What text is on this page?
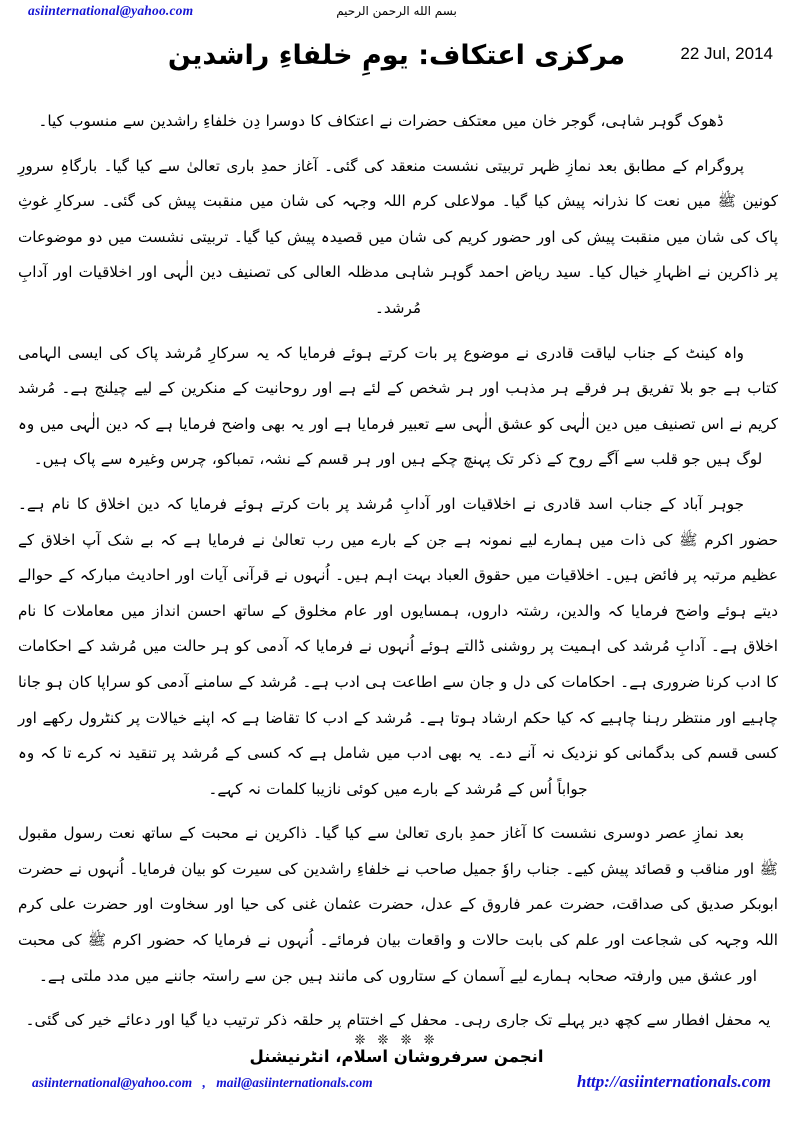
asiinternational@yahoo.com	بسم الله الرحمن الرحیم
مرکزی اعتکاف: یومِ خلفاءِ راشدین	22 Jul, 2014

ڈھوک گوہر شاہی، گوجر خان میں معتکف حضرات نے اعتکاف کا دوسرا دِن خلفاءِ راشدین سے منسوب کیا۔

پروگرام کے مطابق بعد نمازِ ظہر تربیتی نشست منعقد کی گئی۔ آغاز حمدِ باری تعالیٰ سے کیا گیا۔ بارگاہِ سرورِ کونین ﷺ میں نعت کا نذرانہ پیش کیا گیا۔ مولاعلی کرم اللہ وجہہ کی شان میں منقبت پیش کی گئی۔ سرکارِ غوثِ پاک کی شان میں منقبت پیش کی اور حضور کریم کی شان میں قصیدہ پیش کیا گیا۔ تربیتی نشست میں دو موضوعات پر ذاکرین نے اظہارِ خیال کیا۔ سید ریاض احمد گوہر شاہی مدظلہ العالی کی تصنیف دین الٰہی اور اخلاقیات اور آدابِ مُرشد۔

واہ کینٹ کے جناب لیاقت قادری نے موضوع پر بات کرتے ہوئے فرمایا کہ یہ سرکارِ مُرشد پاک کی ایسی الہامی کتاب ہے جو بلا تفریق ہر فرقے ہر مذہب اور ہر شخص کے لئے ہے اور روحانیت کے منکرین کے لیے چیلنج ہے۔ مُرشد کریم نے اس تصنیف میں دین الٰہی کو عشق الٰہی سے تعبیر فرمایا ہے اور یہ بھی واضح فرمایا ہے کہ دین الٰہی میں وہ لوگ ہیں جو قلب سے آگے روح کے ذکر تک پہنچ چکے ہیں اور ہر قسم کے نشہ، تمباکو، چرس وغیرہ سے پاک ہیں۔

جوہر آباد کے جناب اسد قادری نے اخلاقیات اور آدابِ مُرشد پر بات کرتے ہوئے فرمایا کہ دین اخلاق کا نام ہے۔ حضور اکرم ﷺ کی ذات میں ہمارے لیے نمونہ ہے جن کے بارے میں رب تعالیٰ نے فرمایا ہے کہ بے شک آپ اخلاق کے عظیم مرتبہ پر فائض ہیں۔ اخلاقیات میں حقوق العباد بہت اہم ہیں۔ اُنہوں نے قرآنی آیات اور احادیث مبارکہ کے حوالے دیتے ہوئے واضح فرمایا کہ والدین، رشتہ داروں، ہمسایوں اور عام مخلوق کے ساتھ احسن انداز میں معاملات کا نام اخلاق ہے۔ آدابِ مُرشد کی اہمیت پر روشنی ڈالتے ہوئے اُنہوں نے فرمایا کہ آدمی کو ہر حالت میں مُرشد کے احکامات کا ادب کرنا ضروری ہے۔ احکامات کی دل و جان سے اطاعت ہی ادب ہے۔ مُرشد کے سامنے آدمی کو سراپا کان ہو جانا چاہیے اور منتظر رہنا چاہیے کہ کیا حکم ارشاد ہوتا ہے۔ مُرشد کے ادب کا تقاضا ہے کہ اپنے خیالات پر کنٹرول رکھے اور کسی قسم کی بدگمانی کو نزدیک نہ آنے دے۔ یہ بھی ادب میں شامل ہے کہ کسی کے مُرشد پر تنقید نہ کرے تا کہ وہ جواباً اُس کے مُرشد کے بارے میں کوئی نازیبا کلمات نہ کہے۔

بعد نمازِ عصر دوسری نشست کا آغاز حمدِ باری تعالیٰ سے کیا گیا۔ ذاکرین نے محبت کے ساتھ نعت رسول مقبول ﷺ اور مناقب و قصائد پیش کیے۔ جناب راوٗ جمیل صاحب نے خلفاءِ راشدین کی سیرت کو بیان فرمایا۔ اُنہوں نے حضرت ابوبکر صدیق کی صداقت، حضرت عمر فاروق کے عدل، حضرت عثمان غنی کی حیا اور سخاوت اور حضرت علی کرم اللہ وجہہ کی شجاعت اور علم کی بابت حالات و واقعات بیان فرمائے۔ اُنہوں نے فرمایا کہ حضور اکرم ﷺ کی محبت اور عشق میں وارفتہ صحابہ ہمارے لیے آسمان کے ستاروں کی مانند ہیں جن سے راستہ جاننے میں مدد ملتی ہے۔

یہ محفل افطار سے کچھ دیر پہلے تک جاری رہی۔ محفل کے اختتام پر حلقہ ذکر ترتیب دیا گیا اور دعائے خیر کی گئی۔

❊ ❊ ❊ ❊
انجمن سرفروشان اسلام، انٹرنیشنل
asiinternational@yahoo.com , mail@asiinternationals.com	http://asiinternationals.com
